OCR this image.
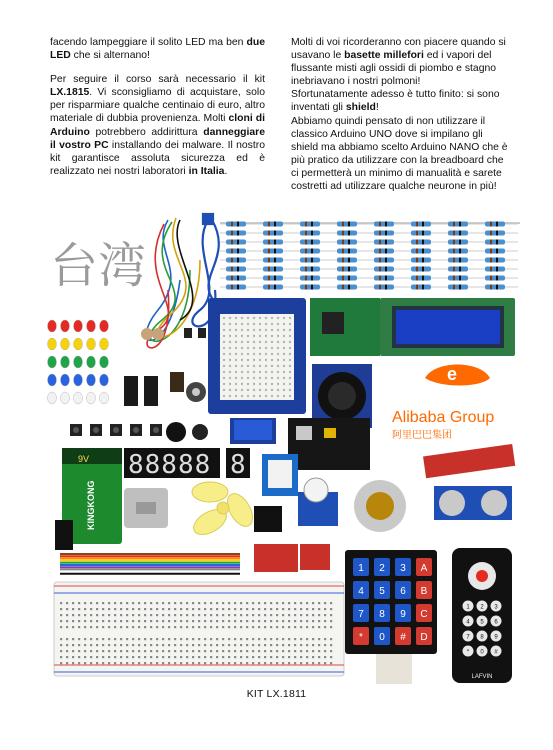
facendo lampeggiare il solito LED ma ben due LED che si alternano!

Per seguire il corso sarà necessario il kit LX.1815. Vi sconsigliamo di acquistare, solo per risparmiare qualche centinaio di euro, altro materiale di dubbia provenienza. Molti cloni di Arduino potrebbero addirittura danneggiare il vostro PC installando dei malware. Il nostro kit garantisce assoluta sicurezza ed è realizzato nei nostri laboratori in Italia.

Molti di voi ricorderanno con piacere quando si usavano le basette millefori ed i vapori del flussante misti agli ossidi di piombo e stagno inebriavano i nostri polmoni!

Sfortunatamente adesso è tutto finito: si sono inventati gli shield!

Abbiamo quindi pensato di non utilizzare il classico Arduino UNO dove si impilano gli shield ma abbiamo scelto Arduino NANO che è più pratico da utilizzare con la breadboard che ci permetterà un minimo di manualità e sarete costretti ad utilizzare qualche neurone in più!

台湾
e
Alibaba Group
阿里巴巴集团
9V
KINGKONG
88888 8
1 2 3 A
4 5 6 B
7 8 9 C
* 0 # D
1 2 3
4 5 6
7 8 9
* 0 #
LAFVIN
KIT LX.1811
